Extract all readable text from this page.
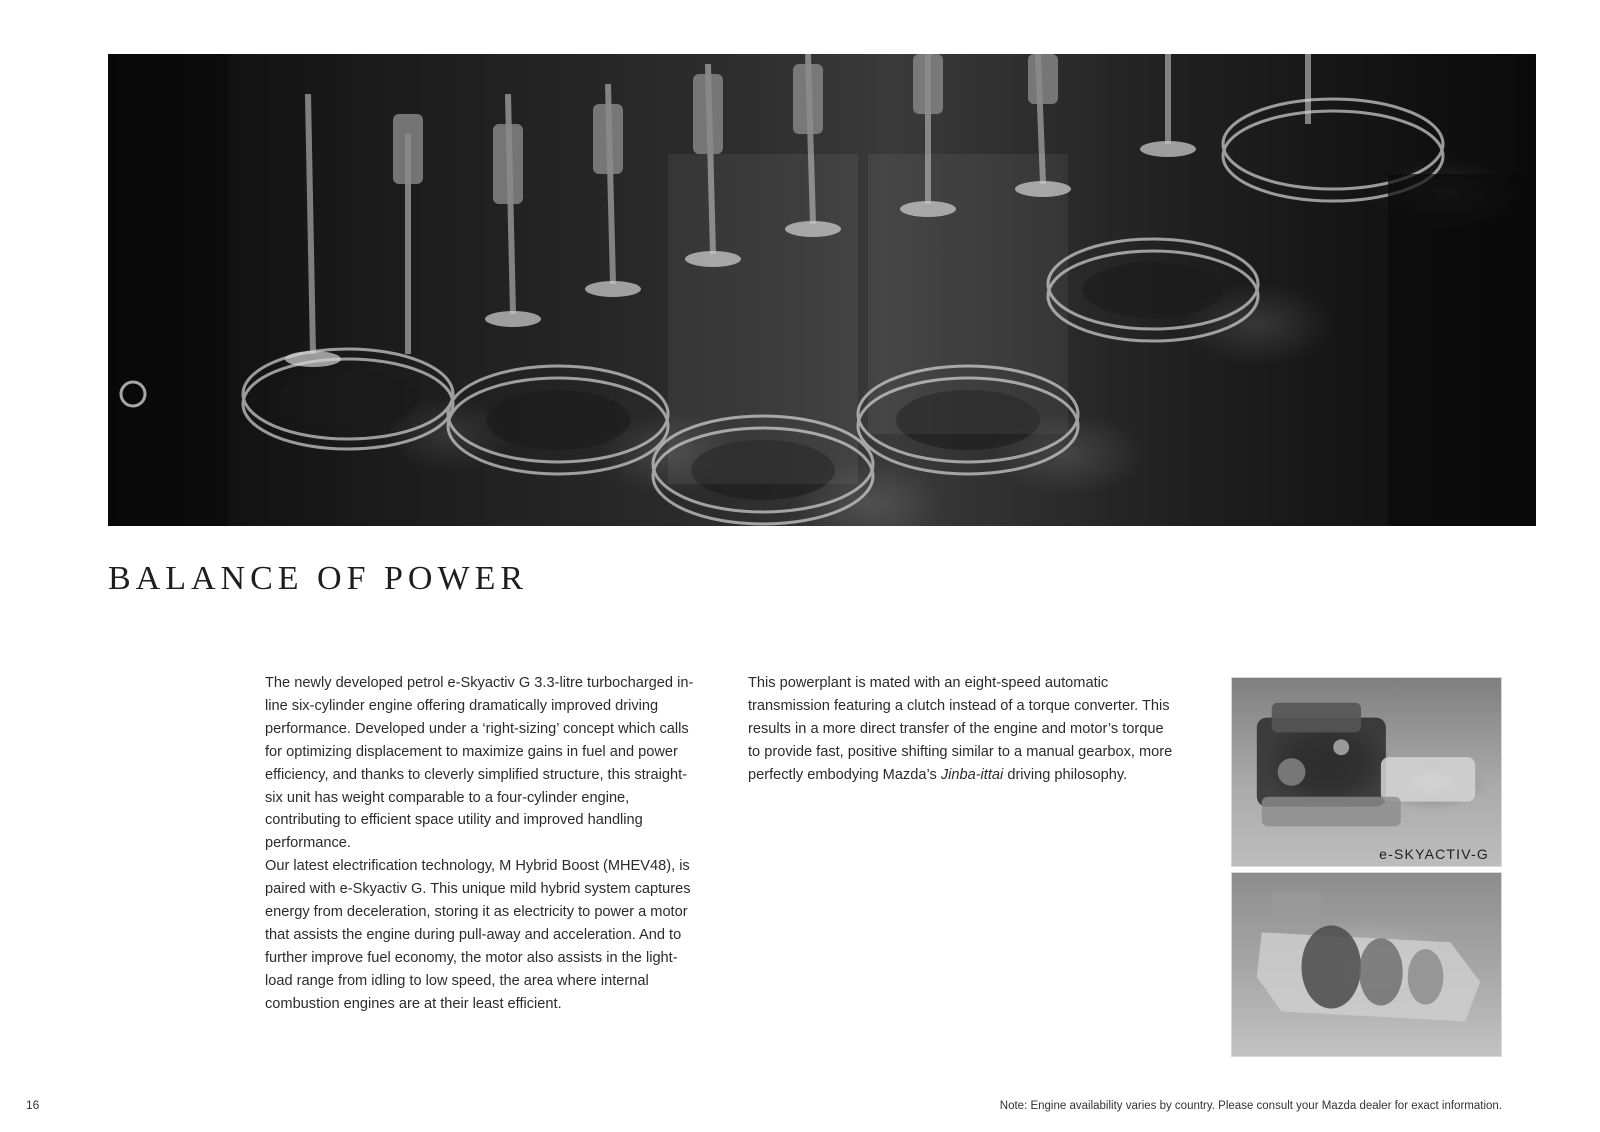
BALANCE OF POWER

The newly developed petrol e-Skyactiv G 3.3-litre turbocharged in-line six-cylinder engine offering dramatically improved driving performance. Developed under a ‘right-sizing’ concept which calls for optimizing displacement to maximize gains in fuel and power efficiency, and thanks to cleverly simplified structure, this straight-six unit has weight comparable to a four-cylinder engine, contributing to efficient space utility and improved handling performance.

Our latest electrification technology, M Hybrid Boost (MHEV48), is paired with e-Skyactiv G. This unique mild hybrid system captures energy from deceleration, storing it as electricity to power a motor that assists the engine during pull-away and acceleration. And to further improve fuel economy, the motor also assists in the light-load range from idling to low speed, the area where internal combustion engines are at their least efficient.

This powerplant is mated with an eight-speed automatic transmission featuring a clutch instead of a torque converter. This results in a more direct transfer of the engine and motor’s torque to provide fast, positive shifting similar to a manual gearbox, more perfectly embodying Mazda’s Jinba-ittai driving philosophy.

e-SKYACTIV-G
16	Note: Engine availability varies by country. Please consult your Mazda dealer for exact information.
